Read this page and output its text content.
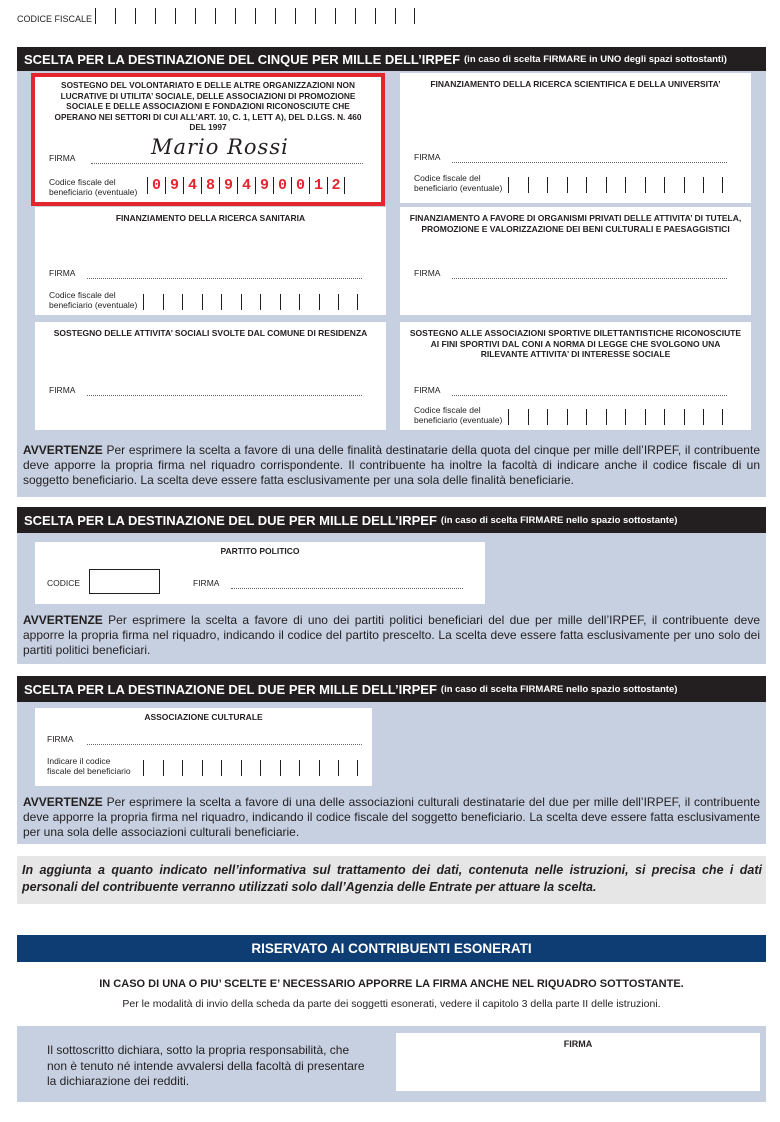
CODICE FISCALE
SCELTA PER LA DESTINAZIONE DEL CINQUE PER MILLE DELL’IRPEF (in caso di scelta FIRMARE in UNO degli spazi sottostanti)
SOSTEGNO DEL VOLONTARIATO E DELLE ALTRE ORGANIZZAZIONI NON LUCRATIVE DI UTILITA’ SOCIALE, DELLE ASSOCIAZIONI DI PROMOZIONE SOCIALE E DELLE ASSOCIAZIONI E FONDAZIONI RICONOSCIUTE CHE OPERANO NEI SETTORI DI CUI ALL’ART. 10, C. 1, LETT A), DEL D.LGS. N. 460 DEL 1997
FIRMA	Mario Rossi
Codice fiscale del
beneficiario (eventuale) 0 9 4 8 9 4 9 0 0 1 2
FINANZIAMENTO DELLA RICERCA SCIENTIFICA E DELLA UNIVERSITA’
FIRMA
Codice fiscale del
beneficiario (eventuale)
FINANZIAMENTO DELLA RICERCA SANITARIA
FIRMA
Codice fiscale del
beneficiario (eventuale)
FINANZIAMENTO A FAVORE DI ORGANISMI PRIVATI DELLE ATTIVITA’ DI TUTELA, PROMOZIONE E VALORIZZAZIONE DEI BENI CULTURALI E PAESAGGISTICI
FIRMA
SOSTEGNO DELLE ATTIVITA’ SOCIALI SVOLTE DAL COMUNE DI RESIDENZA
FIRMA
SOSTEGNO ALLE ASSOCIAZIONI SPORTIVE DILETTANTISTICHE RICONOSCIUTE AI FINI SPORTIVI DAL CONI A NORMA DI LEGGE CHE SVOLGONO UNA RILEVANTE ATTIVITA’ DI INTERESSE SOCIALE
FIRMA
Codice fiscale del
beneficiario (eventuale)
AVVERTENZE Per esprimere la scelta a favore di una delle finalità destinatarie della quota del cinque per mille dell’IRPEF, il contribuente deve apporre la propria firma nel riquadro corrispondente. Il contribuente ha inoltre la facoltà di indicare anche il codice fiscale di un soggetto beneficiario. La scelta deve essere fatta esclusivamente per una sola delle finalità beneficiarie.
SCELTA PER LA DESTINAZIONE DEL DUE PER MILLE DELL’IRPEF (in caso di scelta FIRMARE nello spazio sottostante)
PARTITO POLITICO
CODICE	FIRMA
AVVERTENZE Per esprimere la scelta a favore di uno dei partiti politici beneficiari del due per mille dell’IRPEF, il contribuente deve apporre la propria firma nel riquadro, indicando il codice del partito prescelto. La scelta deve essere fatta esclusivamente per uno solo dei partiti politici beneficiari.
SCELTA PER LA DESTINAZIONE DEL DUE PER MILLE DELL’IRPEF (in caso di scelta FIRMARE nello spazio sottostante)
ASSOCIAZIONE CULTURALE
FIRMA
Indicare il codice
fiscale del beneficiario
AVVERTENZE Per esprimere la scelta a favore di una delle associazioni culturali destinatarie del due per mille dell’IRPEF, il contribuente deve apporre la propria firma nel riquadro, indicando il codice fiscale del soggetto beneficiario. La scelta deve essere fatta esclusivamente per una sola delle associazioni culturali beneficiarie.
In aggiunta a quanto indicato nell’informativa sul trattamento dei dati, contenuta nelle istruzioni, si precisa che i dati personali del contribuente verranno utilizzati solo dall’Agenzia delle Entrate per attuare la scelta.
RISERVATO AI CONTRIBUENTI ESONERATI
IN CASO DI UNA O PIU’ SCELTE E’ NECESSARIO APPORRE LA FIRMA ANCHE NEL RIQUADRO SOTTOSTANTE.
Per le modalità di invio della scheda da parte dei soggetti esonerati, vedere il capitolo 3 della parte II delle istruzioni.
Il sottoscritto dichiara, sotto la propria responsabilità, che non è tenuto né intende avvalersi della facoltà di presentare la dichiarazione dei redditi.
FIRMA
